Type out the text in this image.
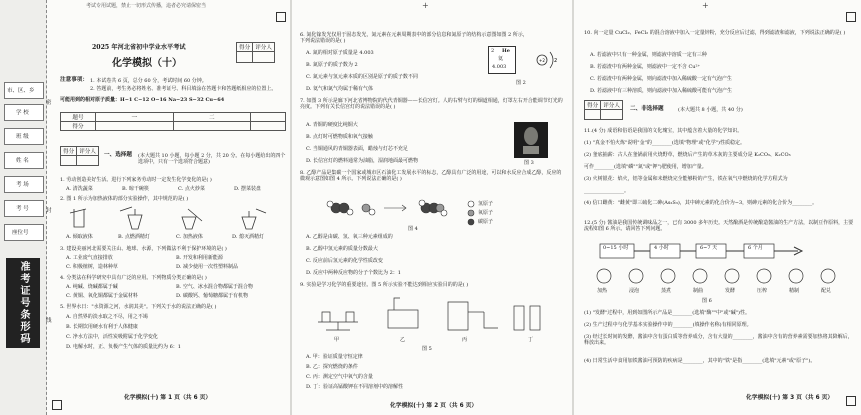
考试专用试题，禁止一切形式传播，违者必究请保密当
市、区、乡
学 校
班 级
姓 名
考 场
考 号
座位号
准考证号条形码
密
封
线
2025 年河北省初中学业水平考试
化学模拟（十）
得分	评分人

注意事项： 1. 本试卷共 6 页，总分 60 分，考试时间 60 分钟。
2. 答题前，考生务必将姓名、准考证号、科目填涂在答题卡和答题纸相应的位置上。
可能用到的相对原子质量：H−1 C−12 O−16 Na−23 S−32 Cu−64
题号	一	二	
得分			
得分	评分人
	一、选择题 (本大题共 10 小题，每小题 2 分，共 20 分。在每小题给出的四个选项中，只有一个选项符合题意)
1. 劳动创造美好生活。进行下列家务劳动时一定发生化学变化的是( )
A. 清洗蔬菜	B. 晾干碗筷	C. 点火炒菜	D. 摆菜装盘
2. 图 1 所示为加热液体的部分实验操作，其中规范的是( )
A. 倾取液体	B. 点燃酒精灯	C. 加热液体	D. 熄灭酒精灯
3. 建设美丽河北需要关注山、地球、水源，下列做法不利于保护环境的是( )
A. 工业废气直接排放	B. 开发和利用新能源
C. 积极植树，造林种草	D. 减少使用一次性塑料制品
4. 分类法在科学研究中具有广泛的应用。下列物质分类正确的是( )
A. 纯碱、烧碱都属于碱	B. 空气、冰水混合物都属于混合物
C. 黄铜、氧化铜都属于金属材料	D. 碳酸钙、葡萄糖都属于有机物
5. 世界水日："水资源之河，水润其美"。下列关于水的说法正确的是( )
A. 自然界的淡水取之不尽，用之不竭
B. 长期饮用硬水有利于人体健康
C. 净水方法中，活性炭吸附属于化学变化
D. 电解水时，正、负极产生气体的质量比约为 6：1
化学模拟(十) 第 1 页（共 6 页）
+
6. 氮化镓发光仅用于固态发光，氮元素在元素周期表中的部分信息和氮原子的结构示意图如图 2 所示，下列说法错误的是( )
A. 氮的相对原子质量是 4.003
B. 氮原子的质子数为 2
C. 氮元素与氢元素本质的区别是原子的质子数不同
D. 氦气和氮气均属于稀有气体
2 He
氦
4.003
+2 2
图 2
7. 如图 3 所示是廊下河北省博物院的代代青铜器——长信宫灯。人的右臂与灯的烟道相通，灯罩左右开合能调节灯光的亮度。下列有关长信宫灯的说法错误的是( )
A. 青铜的硬度比纯铜大
B. 点灯时可燃物质和氧气接触
C. 当铜通风的青铜器表面，蜡烛与灯芯不充足
D. 长信宫灯的燃料通常为油脂，湿润地面最可燃物	图 3
8. 乙醇产品是集碳一个国家或城市区石油化工发展水平的标志，乙醇具有广泛的用途，可以和水反应合成乙醇，反应的微观示意图如图 4 所示。下列说法正确的是( )
氢原子
氧原子
碳原子
图 4
A. 乙醇是由碳、氢、氧三种元素组成的
B. 乙醇中氢元素的质量分数最大
C. 反应前后氢元素的化学性质改变
D. 反应中两种反应物的分子个数比为 2：1
9. 实验是学习化学的重要途径。图 5 所示实验不能达到相应实验目的的是( )
甲	乙	丙	丁
图 5
A. 甲：验证质量守恒定律
B. 乙：探究燃烧的条件
C. 丙：测定空气中氧气的含量
D. 丁：验证高锰酸钾在不同溶剂中的溶解性
化学模拟(十) 第 2 页（共 6 页）
+
10. 向一定量 CuCl₂、FeCl₂ 的混合溶液中加入一定量锌粉，充分反应后过滤，得到滤渣和滤液，下列说法正确的是( )
A. 若滤液中只有一种金属，则滤液中溶质一定有三种
B. 若滤渣中有两种金属，则滤液中一定不含 Cu²⁺
C. 若滤渣中有两种金属，则向滤渣中加入稀硫酸一定有气泡产生
D. 若滤液中有三种溶质，则向滤液中加入稀硫酸可能有气泡产生
得分	评分人
	二、非选择题	(本大题共 8 小题，共 40 分)
11.(4 分) 成语和俗语是我国的文化瑰宝，其中蕴含着大量的化学知识。
(1) "真金不怕火炼"说明"金"的________(选填"物理"或"化学")性质稳定。
(2) 釜底抽薪：古人在釜锅前用火烧野草，燃烧后产生的草木灰的主要成分是 K₂CO₃、K₂CO₃
可作________(选填"磷""氮"或"钾")肥使用，增加产量。
(3) 火树银花：焰火，铝等金属和未燃烧完全能够粉的产生，铁在氧气中燃烧的化学方程式为
________________。
(4) 信口雌黄："雌黄"即三硫化二砷(As₂S₃)，其中砷元素的化合价为−3，则砷元素的化合价为________。
12.(5 分) 酱油是我国传统调味品之一，已有 3000 多年历史。天然酿酒是传统酿造酱油的生产方法，以制豆作原料，主要流程如图 6 所示。请回答下列问题。
0~15 小时	4 小时	6~7 天	6 个月
加热	浸泡	蒸煮	制曲	发酵	压榨	精制	配兑
图 6
(1) "发酵"过程中，用到如图所示产品是________(选填"酶""中"或"碱")性。
(2) 生产过程中与化学基本实验操作中的________(填操作名称)有相同原理。
(3) 经过长时间的发酵，酱油中含有蛋白质等营养成分，含有大量的________，酱油中含有的营养素需要加热将其降解后，释放出来。
(4) 日常生活中食用加铁酱油可预防的疾病是________，其中的"铁"是指________(选填"元素"或"原子")。
化学模拟(十) 第 3 页（共 6 页）
